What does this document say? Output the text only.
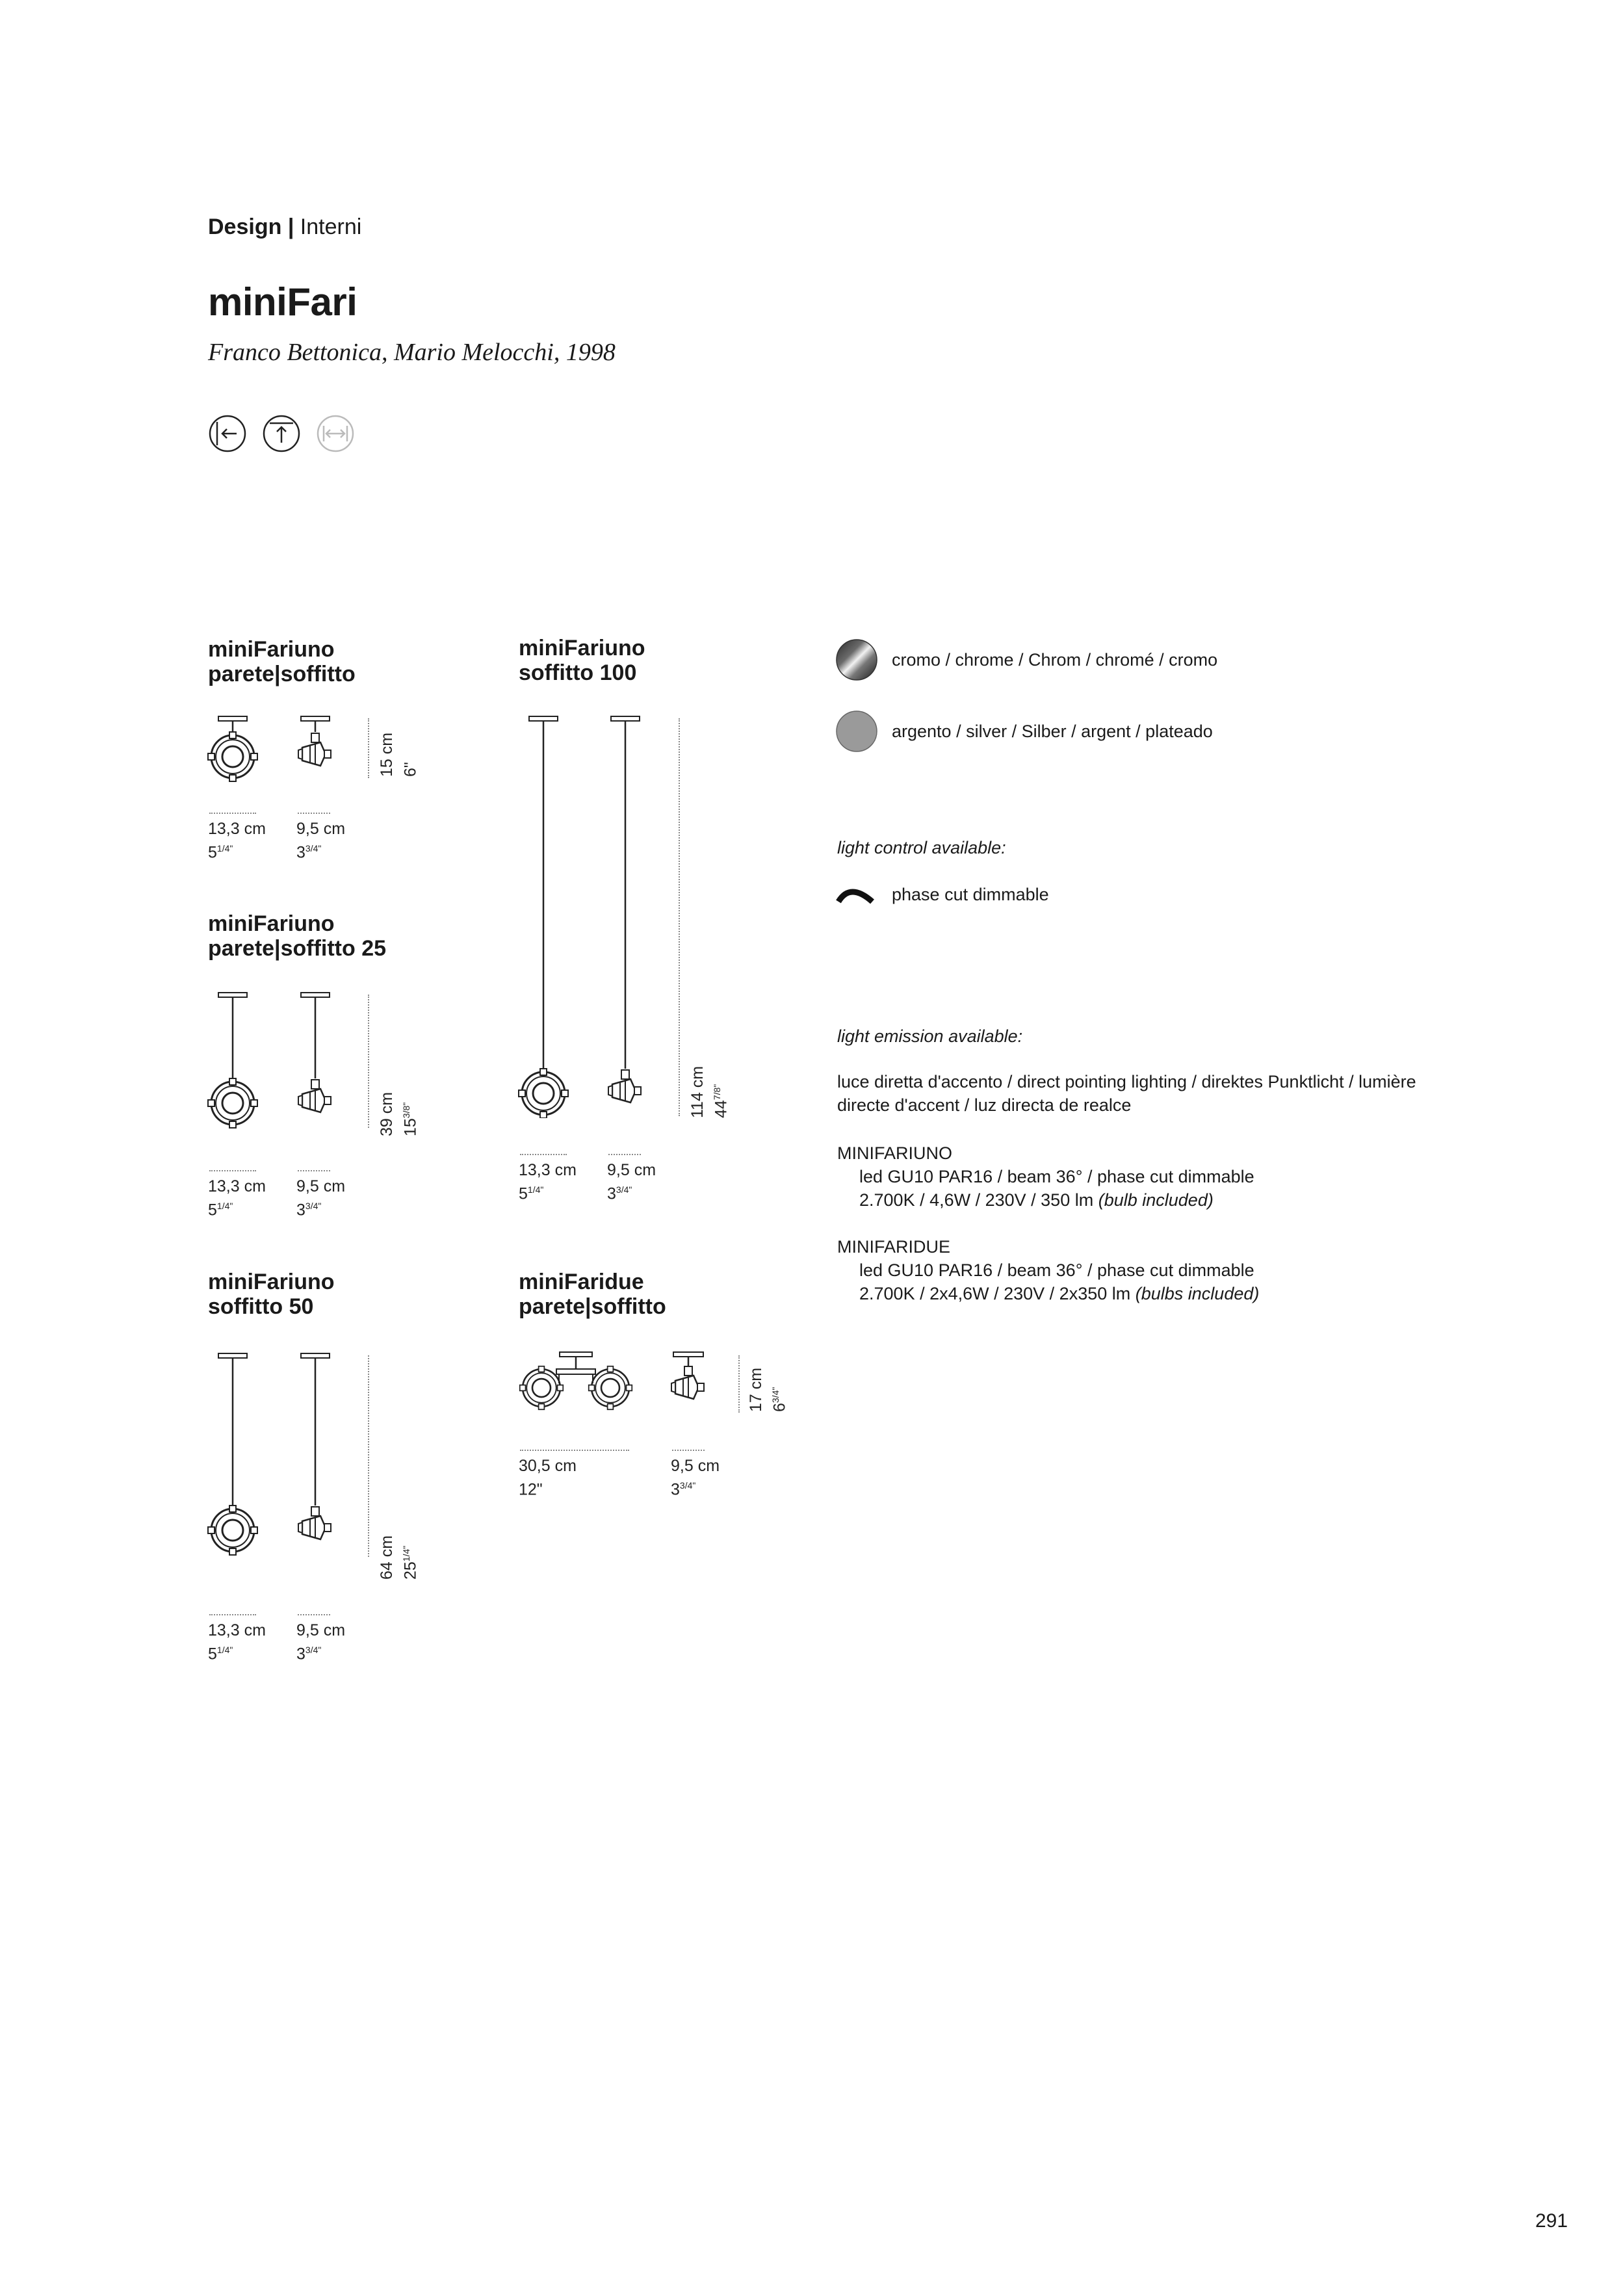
Design | Interni
miniFari
Franco Bettonica, Mario Melocchi, 1998
miniFariuno
parete|soffitto
15 cm 6"
13,3 cm
$5^{1/4"}$
9,5 cm
$3^{3/4"}$
miniFariuno
parete|soffitto 25
39 cm $15^{3/8"}$
13,3 cm
$5^{1/4"}$
9,5 cm
$3^{3/4"}$
miniFariuno
soffitto 50
64 cm $25^{1/4"}$
13,3 cm
$5^{1/4"}$
9,5 cm
$3^{3/4"}$
miniFariuno
soffitto 100
114 cm $44^{7/8"}$
13,3 cm
$5^{1/4"}$
9,5 cm
$3^{3/4"}$
miniFaridue
parete|soffitto
17 cm $6^{3/4"}$
30,5 cm
12"
9,5 cm
$3^{3/4"}$
cromo / chrome / Chrom / chromé / cromo
argento / silver / Silber / argent / plateado
light control available:
phase cut dimmable
light emission available:
luce diretta d'accento / direct pointing lighting / direktes Punktlicht / lumière
directe d'accent / luz directa de realce
MINIFARIUNO
led GU10 PAR16 / beam 36° / phase cut dimmable
2.700K / 4,6W / 230V / 350 lm (bulb included)
MINIFARIDUE
led GU10 PAR16 / beam 36° / phase cut dimmable
2.700K / 2x4,6W / 230V / 2x350 lm (bulbs included)
291
